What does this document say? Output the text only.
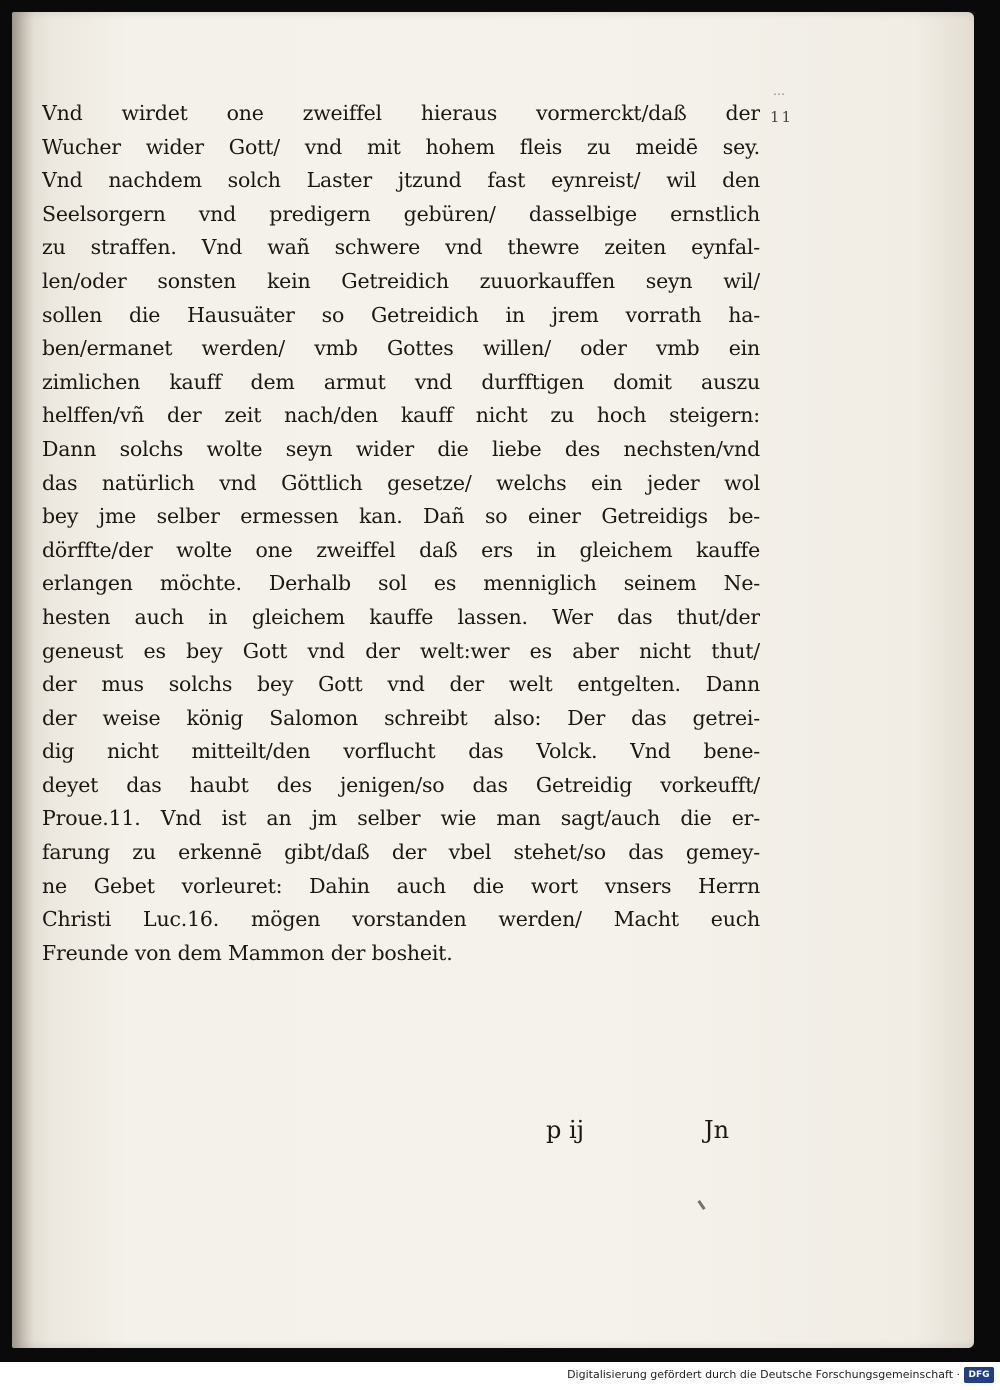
…
11
Vnd wirdet one zweiffel hieraus vormerckt/daß der
Wucher wider Gott/ vnd mit hohem fleis zu meidē sey.
Vnd nachdem solch Laster jtzund fast eynreist/ wil den
Seelsorgern vnd predigern gebüren/ dasselbige ernstlich
zu straffen. Vnd wañ schwere vnd thewre zeiten eynfal-
len/oder sonsten kein Getreidich zuuorkauffen seyn wil/
sollen die Hausuäter so Getreidich in jrem vorrath ha-
ben/ermanet werden/ vmb Gottes willen/ oder vmb ein
zimlichen kauff dem armut vnd durfftigen domit auszu
helffen/vñ der zeit nach/den kauff nicht zu hoch steigern:
Dann solchs wolte seyn wider die liebe des nechsten/vnd
das natürlich vnd Göttlich gesetze/ welchs ein jeder wol
bey jme selber ermessen kan. Dañ so einer Getreidigs be-
dörffte/der wolte one zweiffel daß ers in gleichem kauffe
erlangen möchte. Derhalb sol es menniglich seinem Ne-
hesten auch in gleichem kauffe lassen. Wer das thut/der
geneust es bey Gott vnd der welt:wer es aber nicht thut/
der mus solchs bey Gott vnd der welt entgelten. Dann
der weise könig Salomon schreibt also: Der das getrei-
dig nicht mitteilt/den vorflucht das Volck. Vnd bene-
deyet das haubt des jenigen/so das Getreidig vorkeufft/
Proue.11. Vnd ist an jm selber wie man sagt/auch die er-
farung zu erkennē gibt/daß der vbel stehet/so das gemey-
ne Gebet vorleuret: Dahin auch die wort vnsers Herrn
Christi Luc.16. mögen vorstanden werden/ Macht euch
Freunde von dem Mammon der bosheit.
p ij	Jn
Digitalisierung gefördert durch die Deutsche Forschungsgemeinschaft · DFG
